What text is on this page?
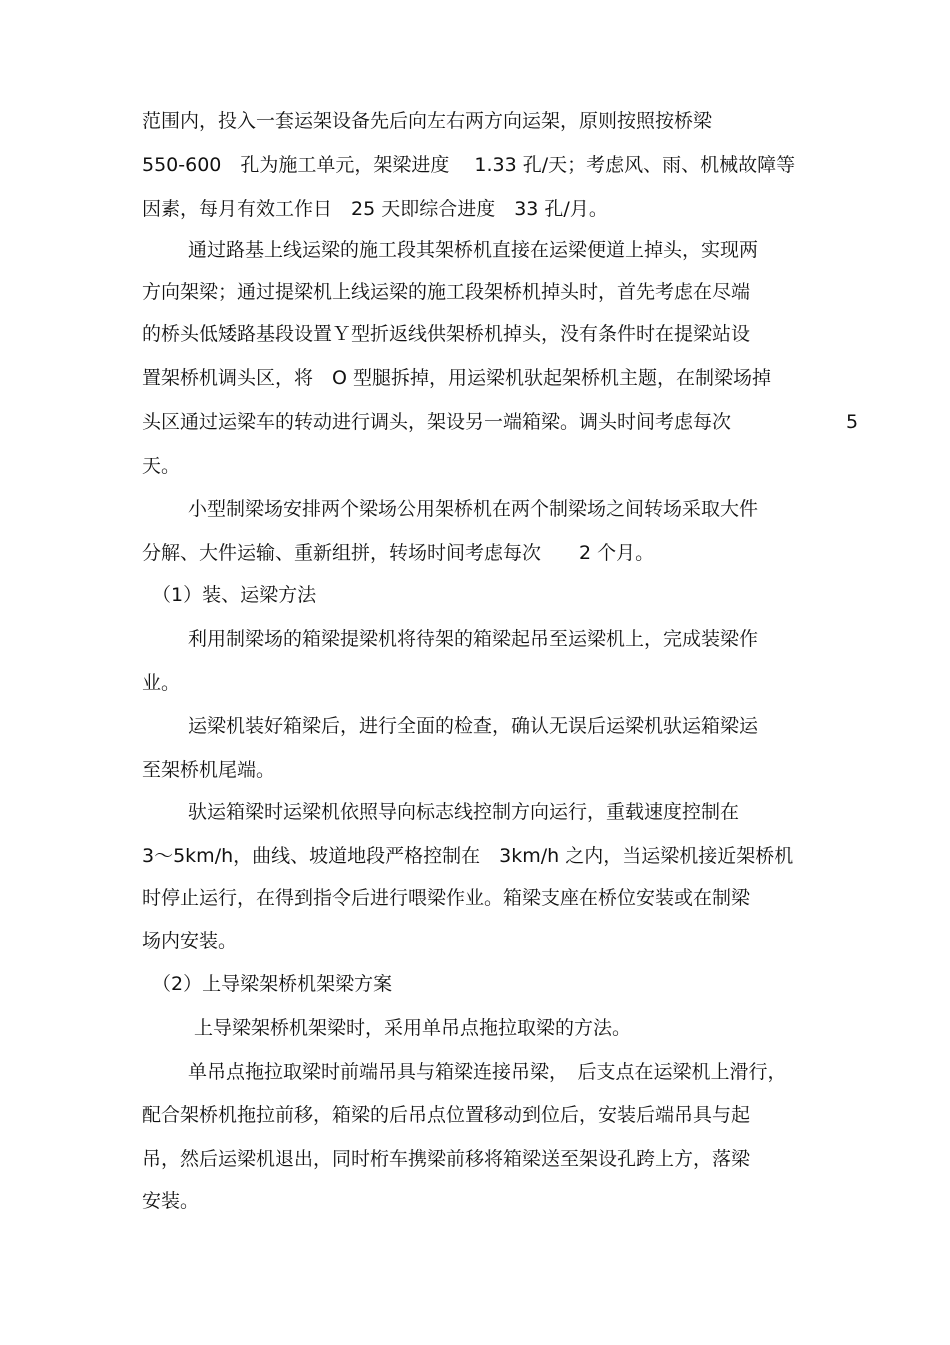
范围内，投入一套运架设备先后向左右两方向运架，原则按照按桥梁
550-600　孔为施工单元，架梁进度　 1.33 孔/天；考虑风、雨、机械故障等
因素，每月有效工作日　25 天即综合进度　33 孔/月。
通过路基上线运梁的施工段其架桥机直接在运梁便道上掉头，实现两
方向架梁；通过提梁机上线运梁的施工段架桥机掉头时，首先考虑在尽端
的桥头低矮路基段设置Ｙ型折返线供架桥机掉头，没有条件时在提梁站设
置架桥机调头区，将　O 型腿拆掉，用运梁机驮起架桥机主题，在制梁场掉
头区通过运梁车的转动进行调头，架设另一端箱梁。调头时间考虑每次	5
天。
小型制梁场安排两个梁场公用架桥机在两个制梁场之间转场采取大件
分解、大件运输、重新组拼，转场时间考虑每次　　2 个月。
（1）装、运梁方法
利用制梁场的箱梁提梁机将待架的箱梁起吊至运梁机上，完成装梁作
业。
运梁机装好箱梁后，进行全面的检查，确认无误后运梁机驮运箱梁运
至架桥机尾端。
驮运箱梁时运梁机依照导向标志线控制方向运行，重载速度控制在
3～5km/h，曲线、坡道地段严格控制在　3km/h 之内，当运梁机接近架桥机
时停止运行，在得到指令后进行喂梁作业。箱梁支座在桥位安装或在制梁
场内安装。
（2）上导梁架桥机架梁方案
上导梁架桥机架梁时，采用单吊点拖拉取梁的方法。
单吊点拖拉取梁时前端吊具与箱梁连接吊梁，　后支点在运梁机上滑行，
配合架桥机拖拉前移，箱梁的后吊点位置移动到位后，安装后端吊具与起
吊，然后运梁机退出，同时桁车携梁前移将箱梁送至架设孔跨上方，落梁
安装。
